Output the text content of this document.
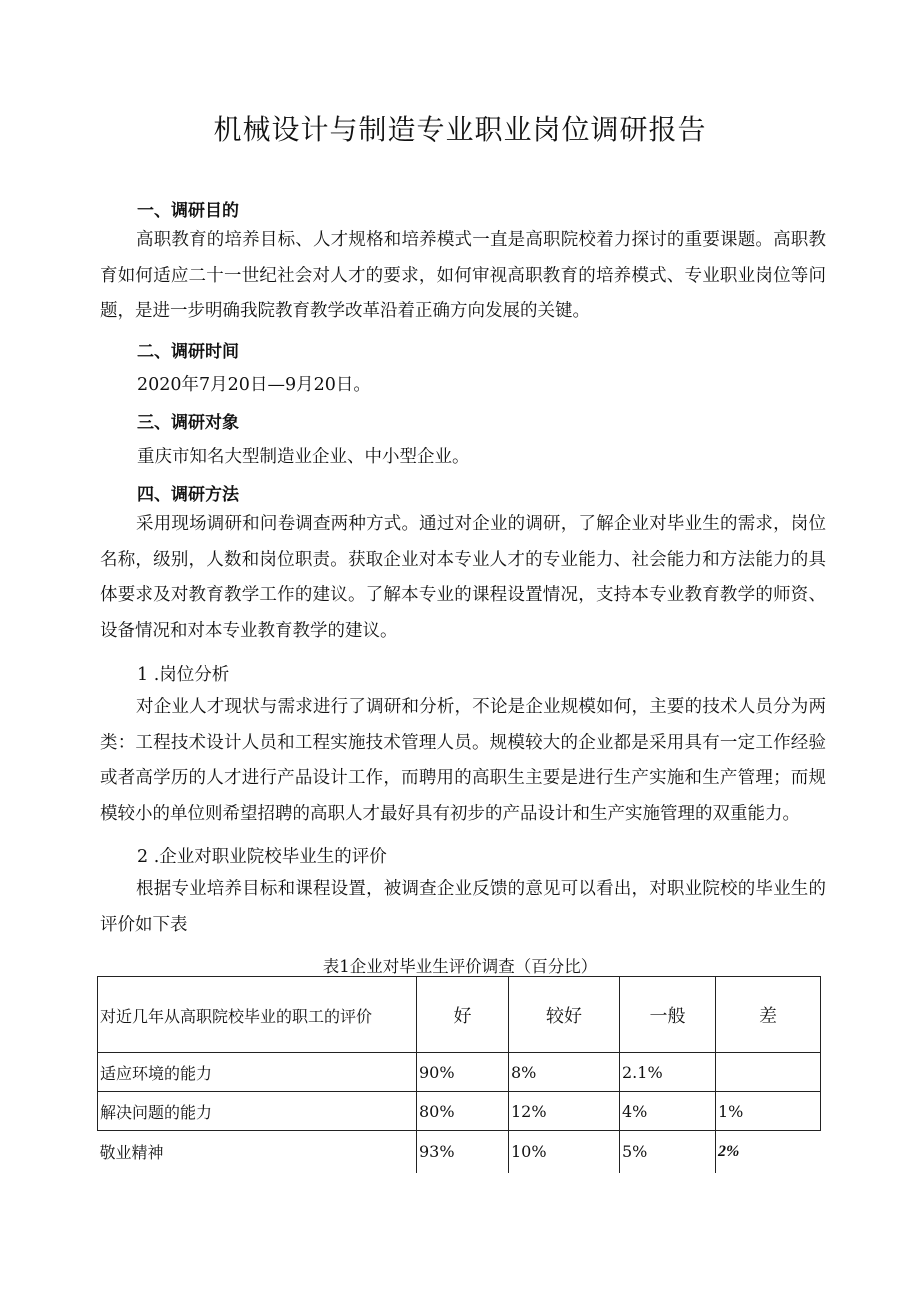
机械设计与制造专业职业岗位调研报告
一、调研目的

高职教育的培养目标、人才规格和培养模式一直是高职院校着力探讨的重要课题。高职教育如何适应二十一世纪社会对人才的要求，如何审视高职教育的培养模式、专业职业岗位等问题，是进一步明确我院教育教学改革沿着正确方向发展的关键。

二、调研时间

2020年7月20日—9月20日。

三、调研对象

重庆市知名大型制造业企业、中小型企业。

四、调研方法

采用现场调研和问卷调查两种方式。通过对企业的调研，了解企业对毕业生的需求，岗位名称，级别，人数和岗位职责。获取企业对本专业人才的专业能力、社会能力和方法能力的具体要求及对教育教学工作的建议。了解本专业的课程设置情况，支持本专业教育教学的师资、设备情况和对本专业教育教学的建议。

1 .岗位分析

对企业人才现状与需求进行了调研和分析，不论是企业规模如何，主要的技术人员分为两类：工程技术设计人员和工程实施技术管理人员。规模较大的企业都是采用具有一定工作经验或者高学历的人才进行产品设计工作，而聘用的高职生主要是进行生产实施和生产管理；而规模较小的单位则希望招聘的高职人才最好具有初步的产品设计和生产实施管理的双重能力。

2 .企业对职业院校毕业生的评价

根据专业培养目标和课程设置，被调查企业反馈的意见可以看出，对职业院校的毕业生的评价如下表

表1企业对毕业生评价调查（百分比）

对近几年从高职院校毕业的职工的评价	好	较好	一般	差
适应环境的能力	90%	8%	2.1%	
解决问题的能力	80%	12%	4%	1%
敬业精神	93%	10%	5%	2%
